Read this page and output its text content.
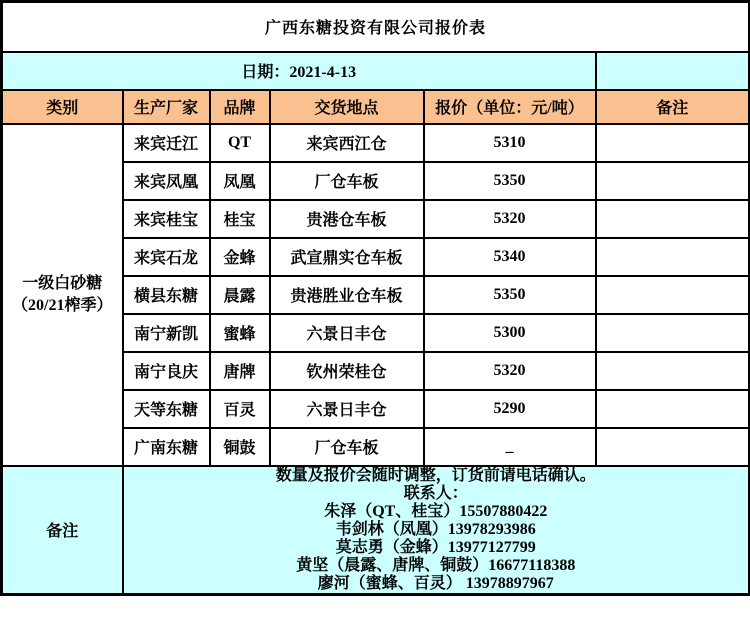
广西东糖投资有限公司报价表					
日期：2021-4-13					
类别	生产厂家	品牌	交货地点	报价（单位：元/吨）	备注

一级白砂糖
（20/21榨季）	来宾迁江	QT	来宾西江仓	5310	
	来宾凤凰	凤凰	厂仓车板	5350	
	来宾桂宝	桂宝	贵港仓车板	5320	
	来宾石龙	金蜂	武宣鼎实仓车板	5340	
	横县东糖	晨露	贵港胜业仓车板	5350	
	南宁新凯	蜜蜂	六景日丰仓	5300	
	南宁良庆	唐牌	钦州荣桂仓	5320	
	天等东糖	百灵	六景日丰仓	5290	
	广南东糖	铜鼓	厂仓车板	_	
备注	
数量及报价会随时调整，订货前请电话确认。
联系人：
朱泽（QT、桂宝）15507880422
韦剑林（凤凰）13978293986
莫志勇（金蜂）13977127799
黄坚（晨露、唐牌、铜鼓）16677118388
廖河（蜜蜂、百灵） 13978897967
